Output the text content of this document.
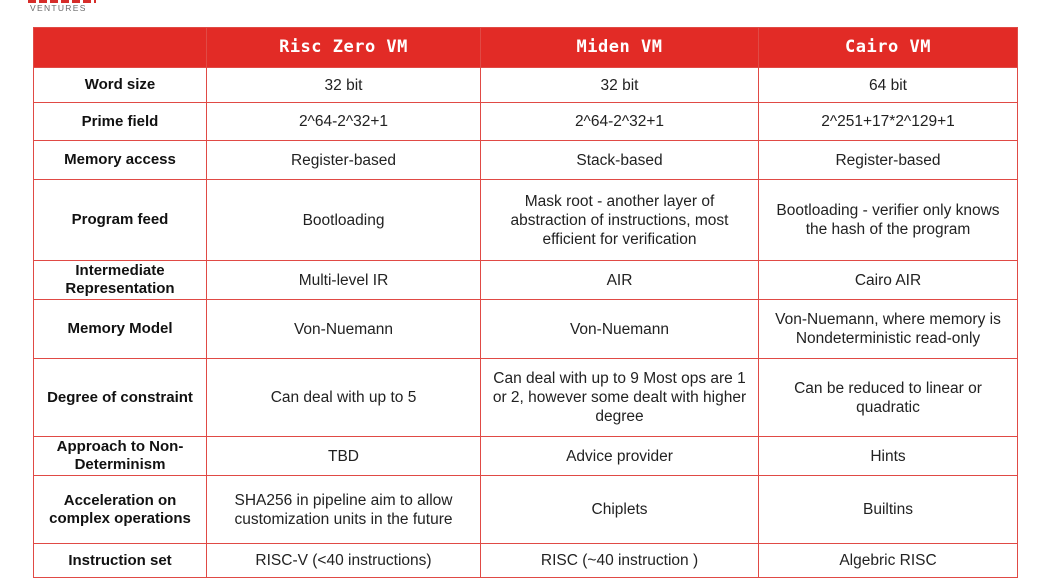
VENTURES
	Risc Zero VM	Miden VM	Cairo VM
Word size	32 bit	32 bit	64 bit
Prime field	2^64-2^32+1	2^64-2^32+1	2^251+17*2^129+1
Memory access	Register-based	Stack-based	Register-based
Program feed	Bootloading	Mask root - another layer of abstraction of instructions, most efficient for verification	Bootloading - verifier only knows the hash of the program
Intermediate Representation	Multi-level IR	AIR	Cairo AIR
Memory Model	Von-Nuemann	Von-Nuemann	Von-Nuemann, where memory is Nondeterministic read-only
Degree of constraint	Can deal with up to 5	Can deal with up to 9 Most ops are 1 or 2, however some dealt with higher degree	Can be reduced to linear or quadratic
Approach to Non-Determinism	TBD	Advice provider	Hints
Acceleration on complex operations	SHA256 in pipeline aim to allow customization units in the future	Chiplets	Builtins
Instruction set	RISC-V (<40 instructions)	RISC (~40 instruction )	Algebric RISC
